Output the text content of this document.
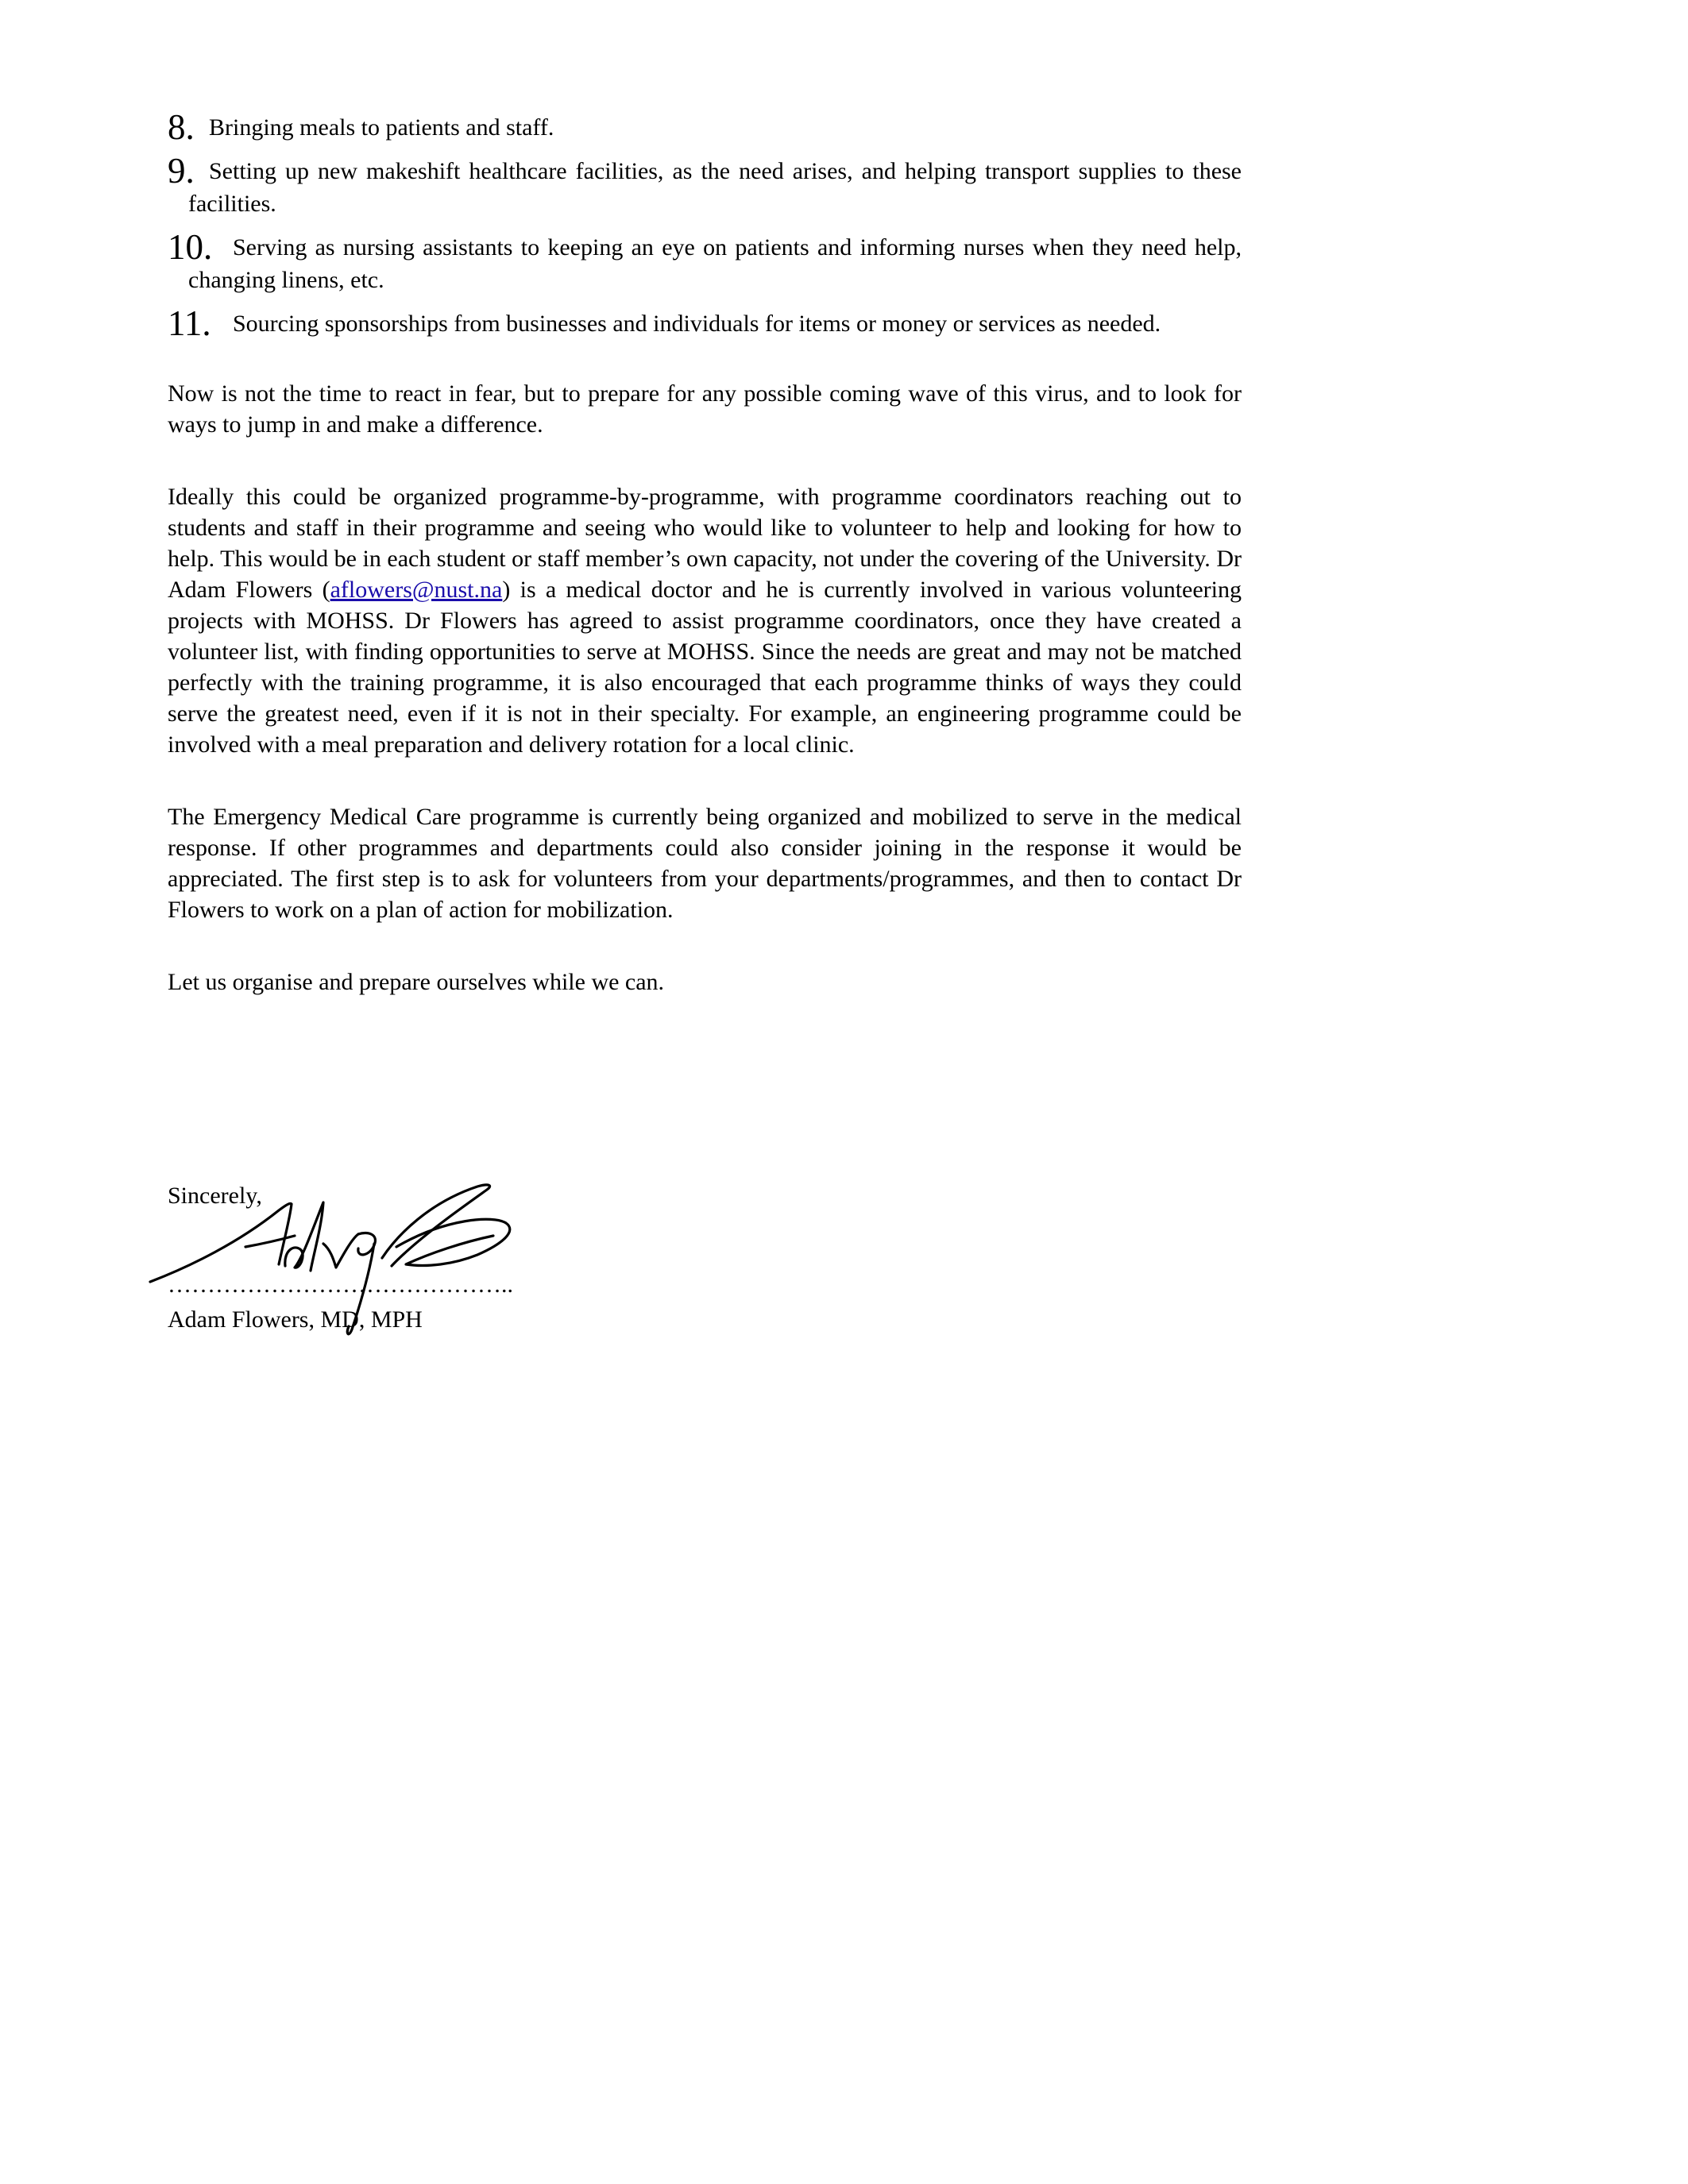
8. Bringing meals to patients and staff.
9. Setting up new makeshift healthcare facilities, as the need arises, and helping transport supplies to these facilities.
10. Serving as nursing assistants to keeping an eye on patients and informing nurses when they need help, changing linens, etc.
11. Sourcing sponsorships from businesses and individuals for items or money or services as needed.

Now is not the time to react in fear, but to prepare for any possible coming wave of this virus, and to look for ways to jump in and make a difference.

Ideally this could be organized programme-by-programme, with programme coordinators reaching out to students and staff in their programme and seeing who would like to volunteer to help and looking for how to help. This would be in each student or staff member’s own capacity, not under the covering of the University. Dr Adam Flowers (aflowers@nust.na) is a medical doctor and he is currently involved in various volunteering projects with MOHSS. Dr Flowers has agreed to assist programme coordinators, once they have created a volunteer list, with finding opportunities to serve at MOHSS. Since the needs are great and may not be matched perfectly with the training programme, it is also encouraged that each programme thinks of ways they could serve the greatest need, even if it is not in their specialty. For example, an engineering programme could be involved with a meal preparation and delivery rotation for a local clinic.

The Emergency Medical Care programme is currently being organized and mobilized to serve in the medical response. If other programmes and departments could also consider joining in the response it would be appreciated. The first step is to ask for volunteers from your departments/programmes, and then to contact Dr Flowers to work on a plan of action for mobilization.

Let us organise and prepare ourselves while we can.

Sincerely,

……………………………………..

Adam Flowers, MD, MPH
